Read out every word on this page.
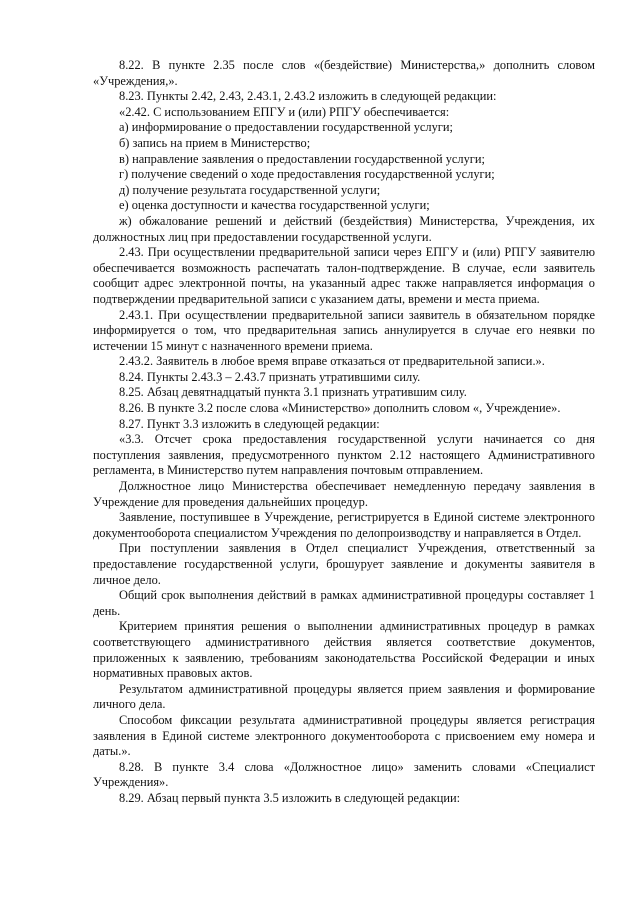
8.22. В пункте 2.35 после слов «(бездействие) Министерства,» дополнить словом «Учреждения,».

8.23. Пункты 2.42, 2.43, 2.43.1, 2.43.2 изложить в следующей редакции:

«2.42. С использованием ЕПГУ и (или) РПГУ обеспечивается:

а) информирование о предоставлении государственной услуги;

б) запись на прием в Министерство;

в) направление заявления о предоставлении государственной услуги;

г) получение сведений о ходе предоставления государственной услуги;

д) получение результата государственной услуги;

е) оценка доступности и качества государственной услуги;

ж) обжалование решений и действий (бездействия) Министерства, Учреждения, их должностных лиц при предоставлении государственной услуги.

2.43. При осуществлении предварительной записи через ЕПГУ и (или) РПГУ заявителю обеспечивается возможность распечатать талон-подтверждение. В случае, если заявитель сообщит адрес электронной почты, на указанный адрес также направляется информация о подтверждении предварительной записи с указанием даты, времени и места приема.

2.43.1. При осуществлении предварительной записи заявитель в обязательном порядке информируется о том, что предварительная запись аннулируется в случае его неявки по истечении 15 минут с назначенного времени приема.

2.43.2. Заявитель в любое время вправе отказаться от предварительной записи.».

8.24. Пункты 2.43.3 – 2.43.7 признать утратившими силу.

8.25. Абзац девятнадцатый пункта 3.1 признать утратившим силу.

8.26. В пункте 3.2 после слова «Министерство» дополнить словом «, Учреждение».

8.27. Пункт 3.3 изложить в следующей редакции:

«3.3. Отсчет срока предоставления государственной услуги начинается со дня поступления заявления, предусмотренного пунктом 2.12 настоящего Административного регламента, в Министерство путем направления почтовым отправлением.

Должностное лицо Министерства обеспечивает немедленную передачу заявления в Учреждение для проведения дальнейших процедур.

Заявление, поступившее в Учреждение, регистрируется в Единой системе электронного документооборота специалистом Учреждения по делопроизводству и направляется в Отдел.

При поступлении заявления в Отдел специалист Учреждения, ответственный за предоставление государственной услуги, брошурует заявление и документы заявителя в личное дело.

Общий срок выполнения действий в рамках административной процедуры составляет 1 день.

Критерием принятия решения о выполнении административных процедур в рамках соответствующего административного действия является соответствие документов, приложенных к заявлению, требованиям законодательства Российской Федерации и иных нормативных правовых актов.

Результатом административной процедуры является прием заявления и формирование личного дела.

Способом фиксации результата административной процедуры является регистрация заявления в Единой системе электронного документооборота с присвоением ему номера и даты.».

8.28. В пункте 3.4 слова «Должностное лицо» заменить словами «Специалист Учреждения».

8.29. Абзац первый пункта 3.5 изложить в следующей редакции:
